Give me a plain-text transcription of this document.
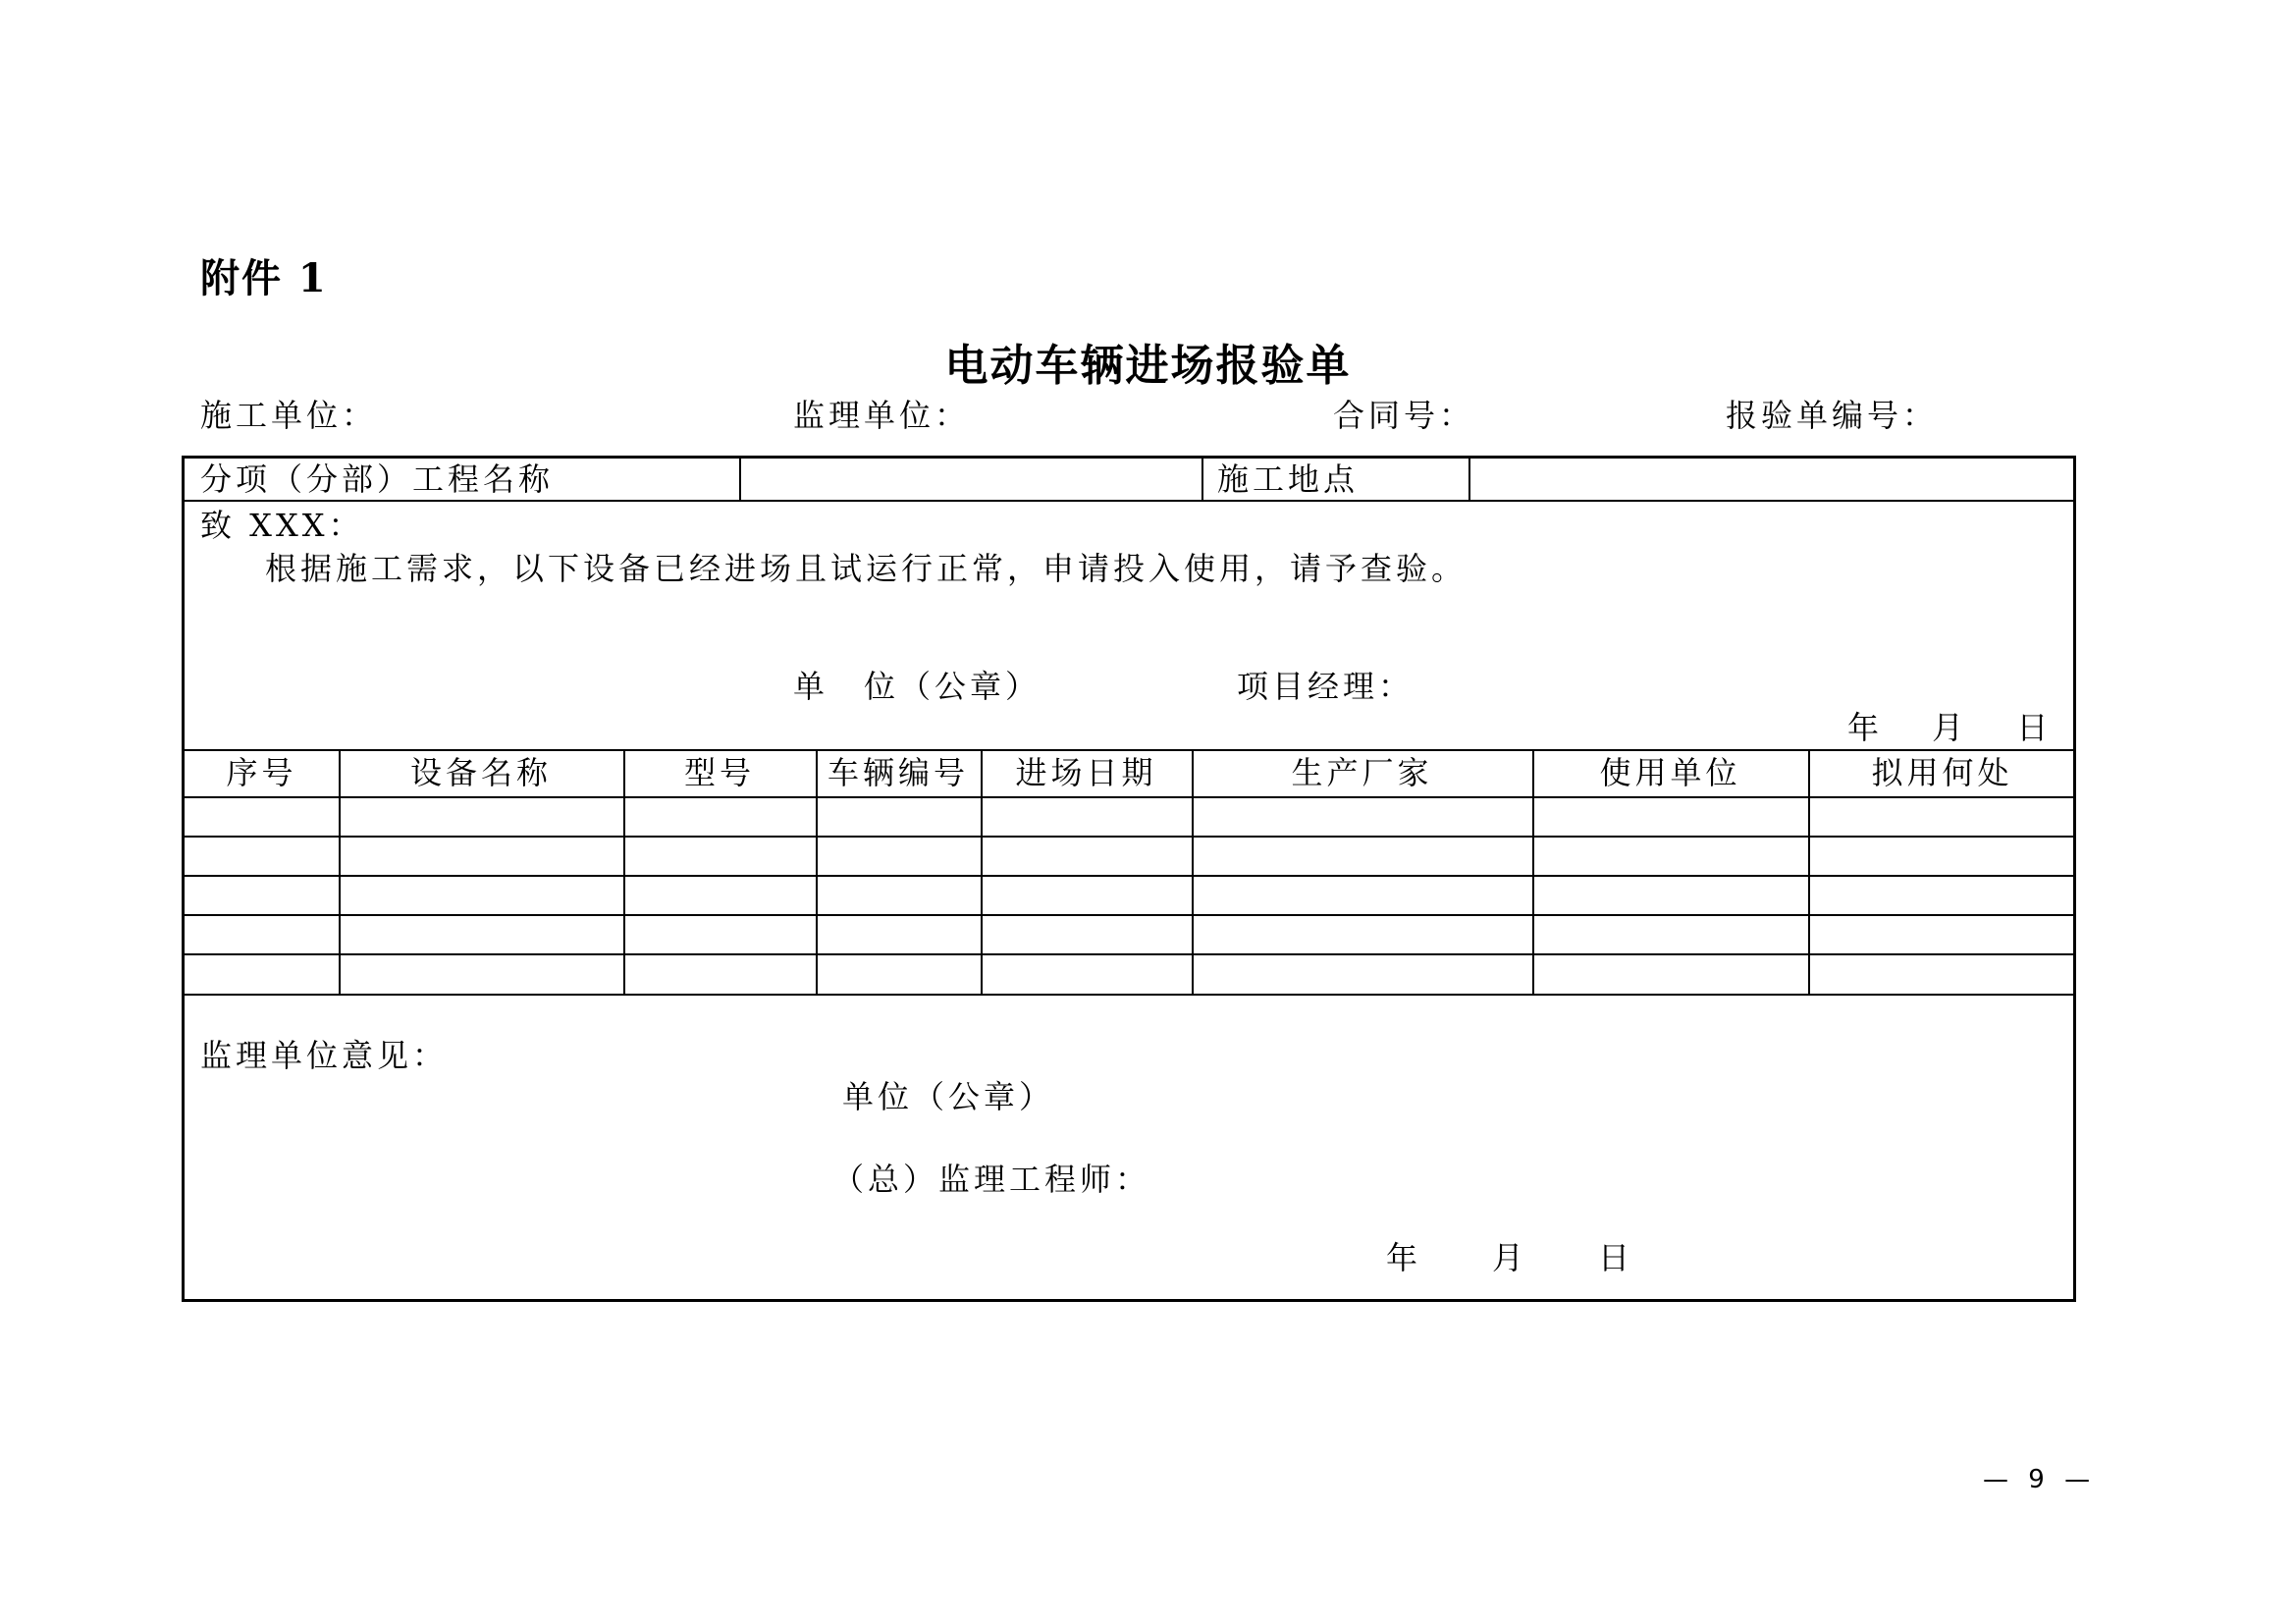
附件 1
电动车辆进场报验单
施工单位：	监理单位：	合同号：	报验单编号：
分项（分部）工程名称	施工地点
致 XXX：
根据施工需求，以下设备已经进场且试运行正常，申请投入使用，请予查验。
单　位（公章）	项目经理：
年　 月　 日
序号	设备名称	型号	车辆编号	进场日期	生产厂家	使用单位	拟用何处
监理单位意见：
单位（公章）
（总）监理工程师：
年　　月　　日
— 9 —
